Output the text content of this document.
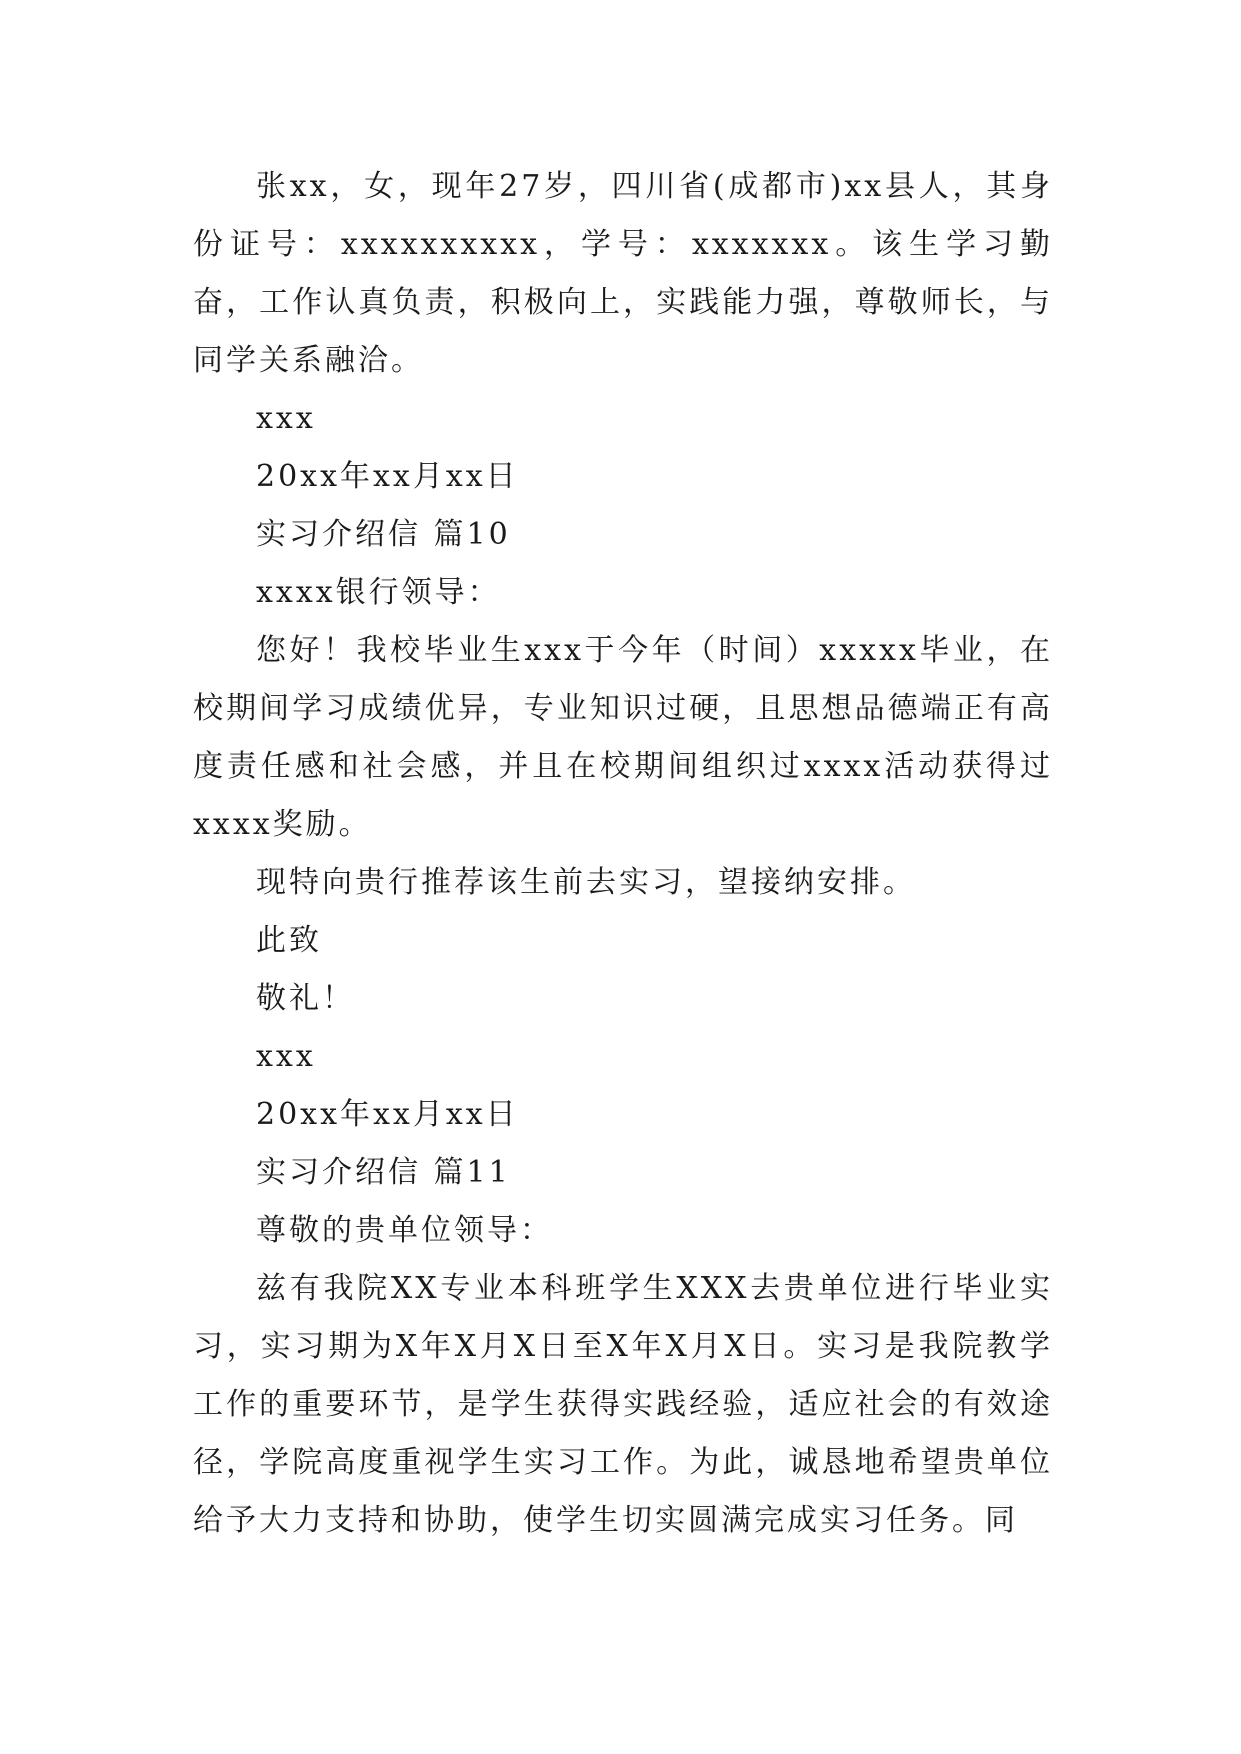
张xx，女，现年27岁，四川省(成都市)xx县人，其身份证号：xxxxxxxxxx，学号：xxxxxxx。该生学习勤奋，工作认真负责，积极向上，实践能力强，尊敬师长，与同学关系融洽。

xxx

20xx年xx月xx日

实习介绍信 篇10

xxxx银行领导：

您好！我校毕业生xxx于今年（时间）xxxxx毕业，在校期间学习成绩优异，专业知识过硬，且思想品德端正有高度责任感和社会感，并且在校期间组织过xxxx活动获得过xxxx奖励。

现特向贵行推荐该生前去实习，望接纳安排。

此致

敬礼！

xxx

20xx年xx月xx日

实习介绍信 篇11

尊敬的贵单位领导：

兹有我院XX专业本科班学生XXX去贵单位进行毕业实习，实习期为X年X月X日至X年X月X日。实习是我院教学工作的重要环节，是学生获得实践经验，适应社会的有效途径，学院高度重视学生实习工作。为此，诚恳地希望贵单位给予大力支持和协助，使学生切实圆满完成实习任务。同
